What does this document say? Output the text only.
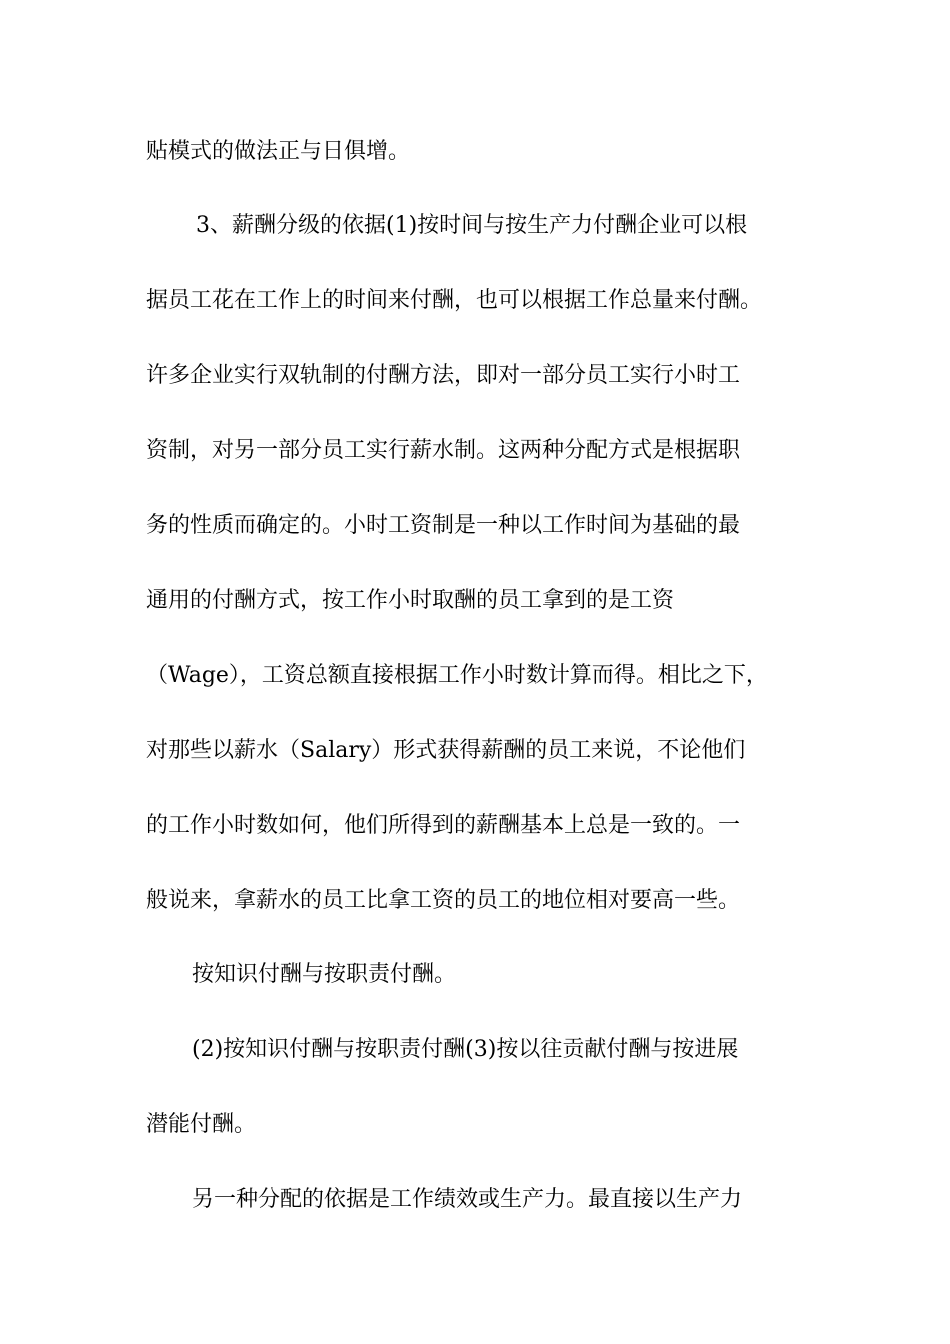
贴模式的做法正与日俱增。
3、薪酬分级的依据(1)按时间与按生产力付酬企业可以根
据员工花在工作上的时间来付酬，也可以根据工作总量来付酬。
许多企业实行双轨制的付酬方法，即对一部分员工实行小时工
资制，对另一部分员工实行薪水制。这两种分配方式是根据职
务的性质而确定的。小时工资制是一种以工作时间为基础的最
通用的付酬方式，按工作小时取酬的员工拿到的是工资
（Wage），工资总额直接根据工作小时数计算而得。相比之下，
对那些以薪水（Salary）形式获得薪酬的员工来说，不论他们
的工作小时数如何，他们所得到的薪酬基本上总是一致的。一
般说来，拿薪水的员工比拿工资的员工的地位相对要高一些。
按知识付酬与按职责付酬。
(2)按知识付酬与按职责付酬(3)按以往贡献付酬与按进展
潜能付酬。
另一种分配的依据是工作绩效或生产力。最直接以生产力
